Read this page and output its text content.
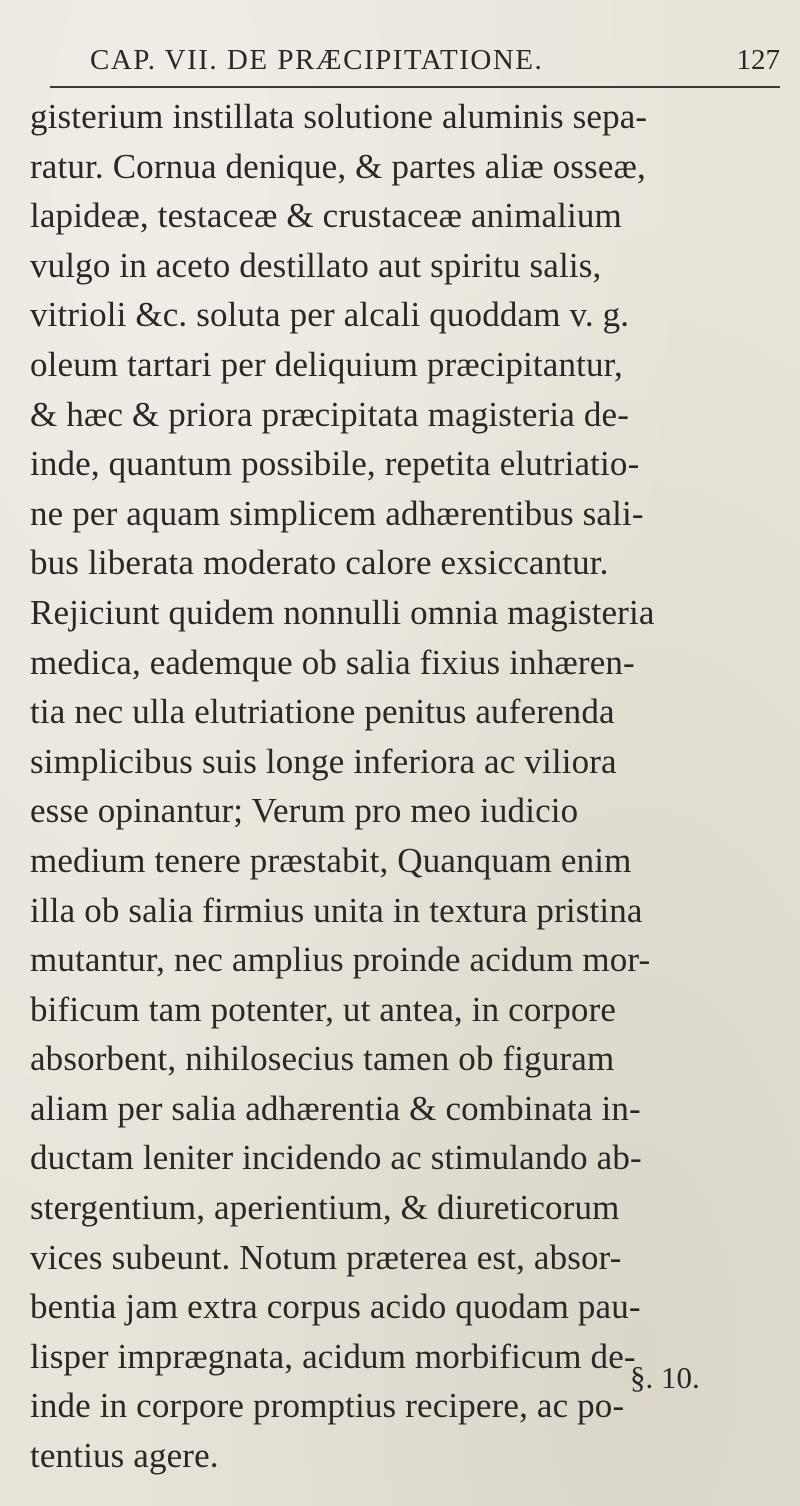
CAP. VII. DE PRÆCIPITATIONE.	127
gisterium instillata solutione aluminis sepa-
ratur. Cornua denique, & partes aliæ osseæ,
lapideæ, testaceæ & crustaceæ animalium
vulgo in aceto destillato aut spiritu salis,
vitrioli &c. soluta per alcali quoddam v. g.
oleum tartari per deliquium præcipitantur,
& hæc & priora præcipitata magisteria de-
inde, quantum possibile, repetita elutriatio-
ne per aquam simplicem adhærentibus sali-
bus liberata moderato calore exsiccantur.
Rejiciunt quidem nonnulli omnia magisteria
medica, eademque ob salia fixius inhæren-
tia nec ulla elutriatione penitus auferenda
simplicibus suis longe inferiora ac viliora
esse opinantur; Verum pro meo iudicio
medium tenere præstabit, Quanquam enim
illa ob salia firmius unita in textura pristina
mutantur, nec amplius proinde acidum mor-
bificum tam potenter, ut antea, in corpore
absorbent, nihilosecius tamen ob figuram
aliam per salia adhærentia & combinata in-
ductam leniter incidendo ac stimulando ab-
stergentium, aperientium, & diureticorum
vices subeunt. Notum præterea est, absor-
bentia jam extra corpus acido quodam pau-
lisper imprægnata, acidum morbificum de-
inde in corpore promptius recipere, ac po-
tentius agere.
§. 10.
